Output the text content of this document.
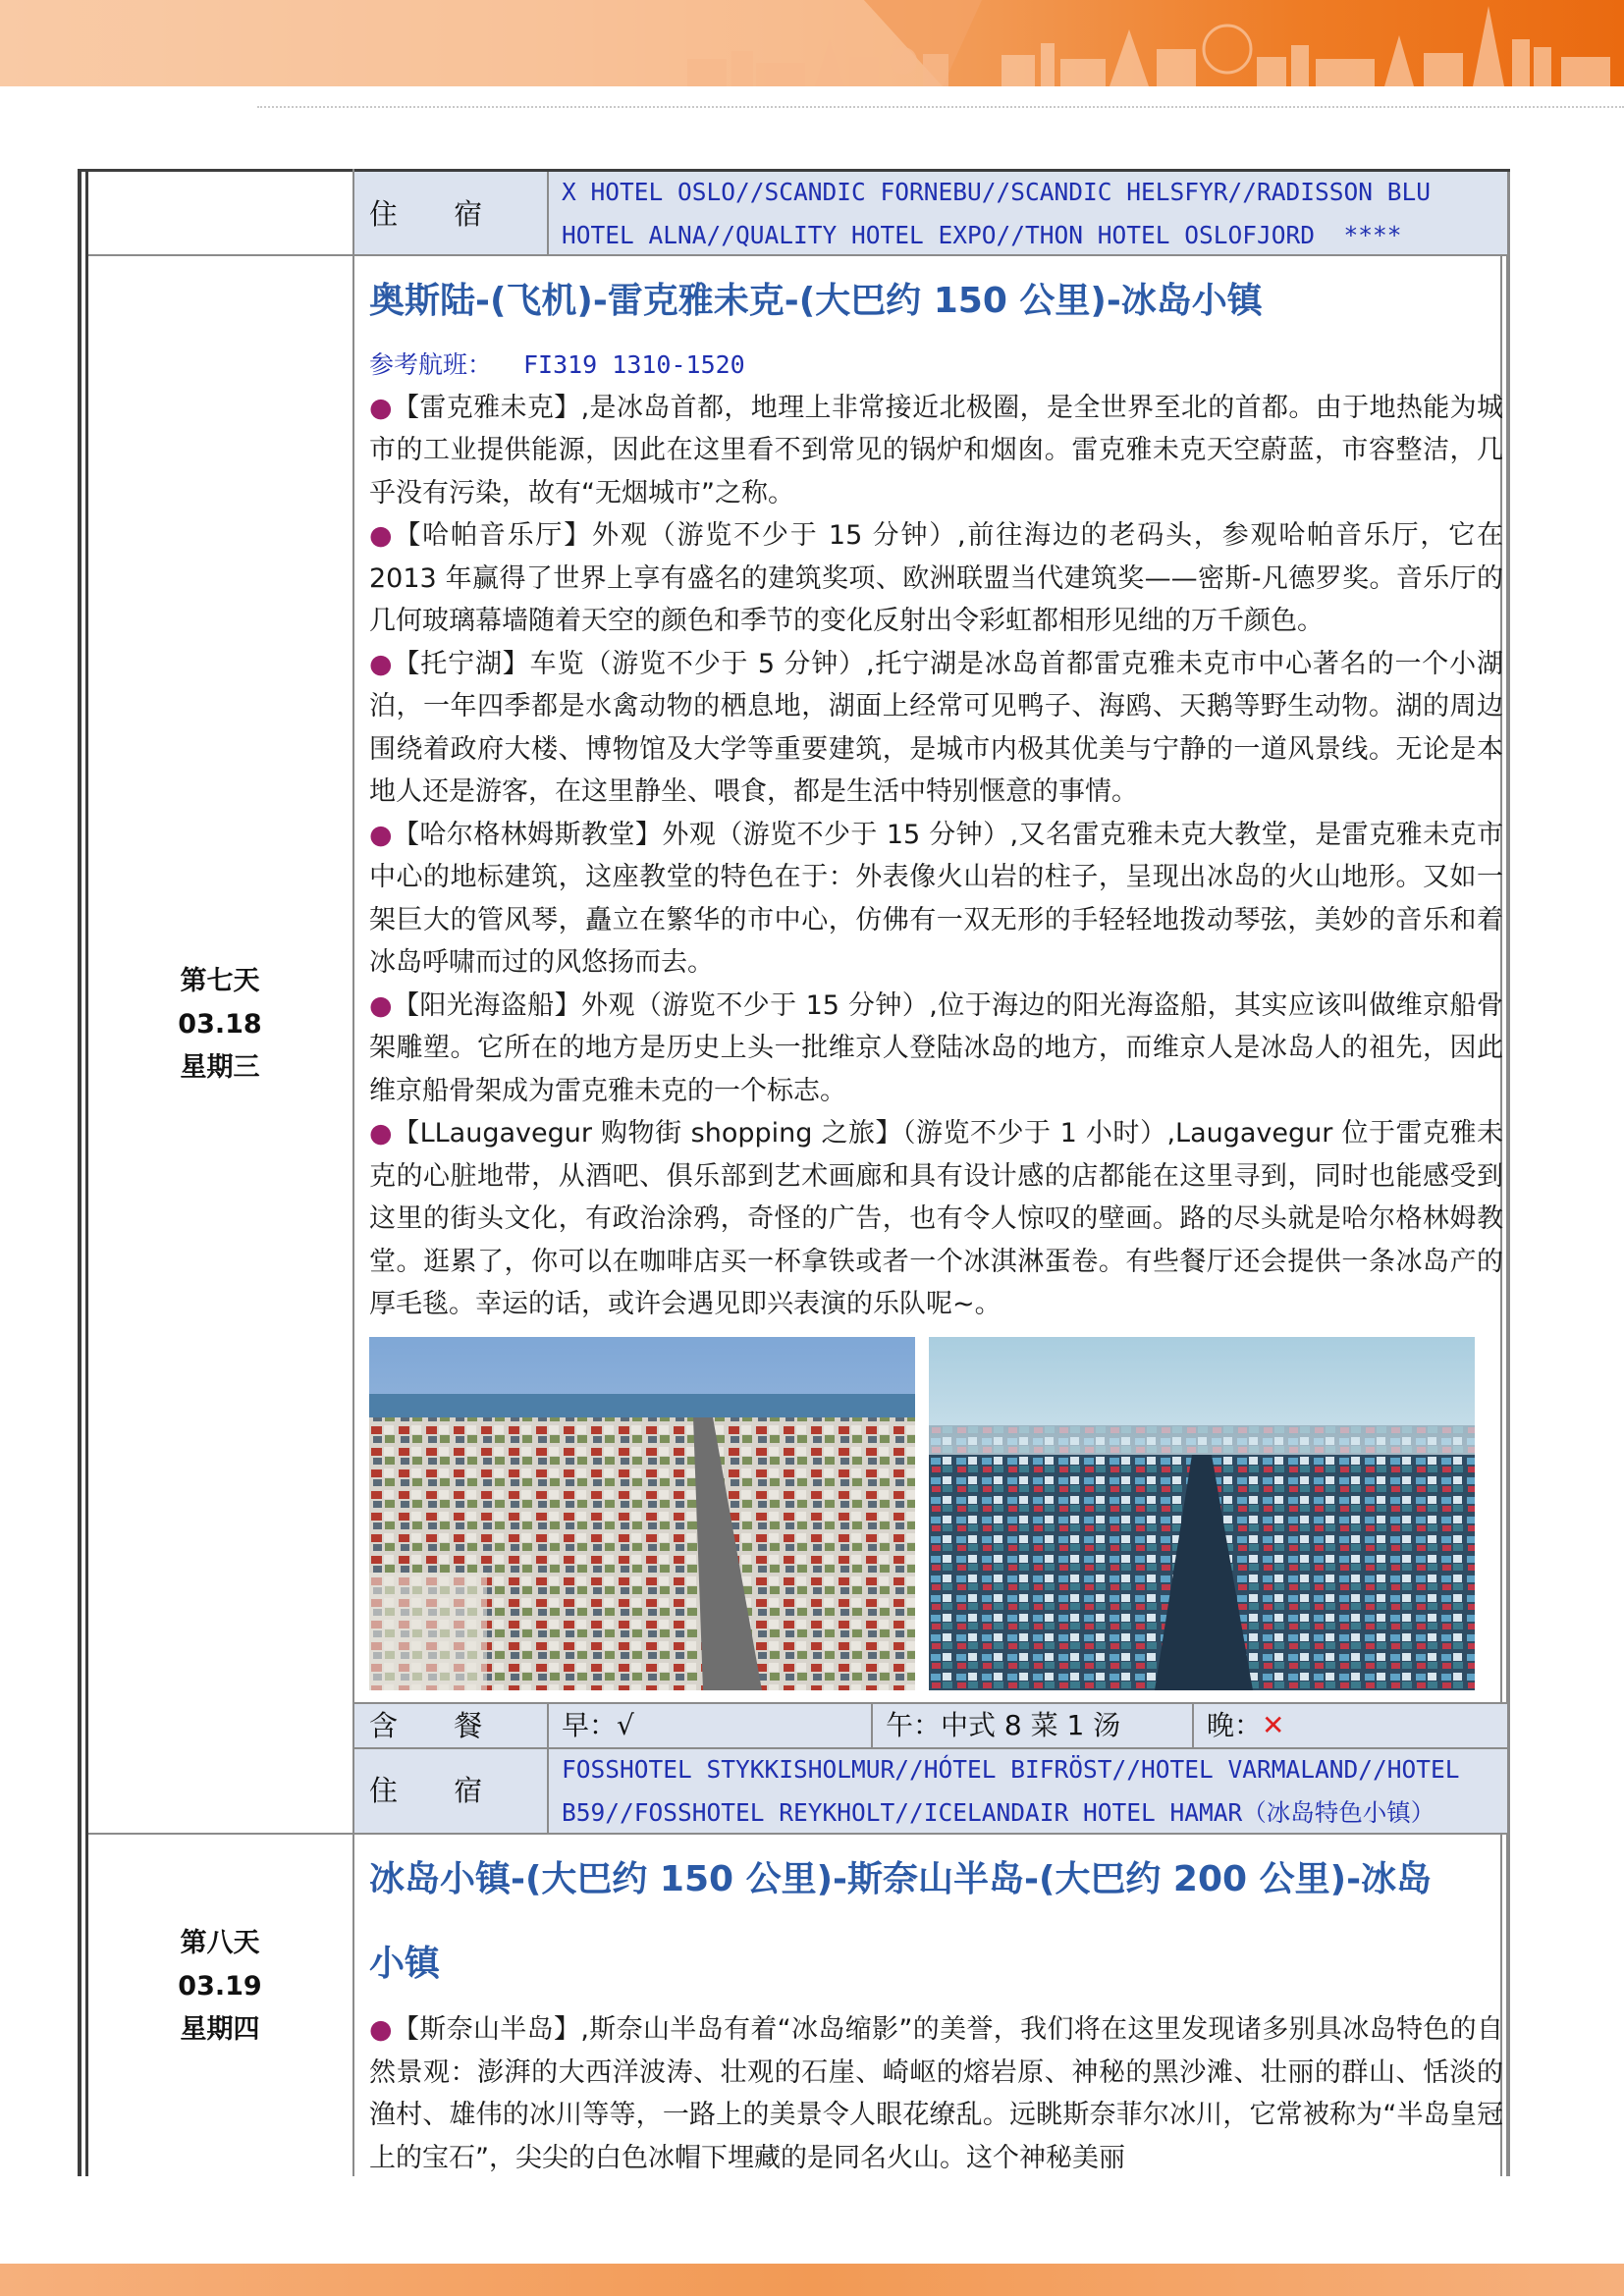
住 宿
X HOTEL OSLO//SCANDIC FORNEBU//SCANDIC HELSFYR//RADISSON BLU
HOTEL ALNA//QUALITY HOTEL EXPO//THON HOTEL OSLOFJORD  ****
第七天
03.18
星期三
奥斯陆-(飞机)-雷克雅未克-(大巴约 150 公里)-冰岛小镇

参考航班： FI319 1310-1520

●【雷克雅未克】,是冰岛首都，地理上非常接近北极圈，是全世界至北的首都。由于地热能为城市的工业提供能源，因此在这里看不到常见的锅炉和烟囱。雷克雅未克天空蔚蓝，市容整洁，几乎没有污染，故有“无烟城市”之称。

●【哈帕音乐厅】外观（游览不少于 15 分钟）,前往海边的老码头，参观哈帕音乐厅，它在 2013 年赢得了世界上享有盛名的建筑奖项、欧洲联盟当代建筑奖——密斯-凡德罗奖。音乐厅的几何玻璃幕墙随着天空的颜色和季节的变化反射出令彩虹都相形见绌的万千颜色。

●【托宁湖】车览（游览不少于 5 分钟）,托宁湖是冰岛首都雷克雅未克市中心著名的一个小湖泊，一年四季都是水禽动物的栖息地，湖面上经常可见鸭子、海鸥、天鹅等野生动物。湖的周边围绕着政府大楼、博物馆及大学等重要建筑，是城市内极其优美与宁静的一道风景线。无论是本地人还是游客，在这里静坐、喂食，都是生活中特别惬意的事情。

●【哈尔格林姆斯教堂】外观（游览不少于 15 分钟）,又名雷克雅未克大教堂，是雷克雅未克市中心的地标建筑，这座教堂的特色在于：外表像火山岩的柱子，呈现出冰岛的火山地形。又如一架巨大的管风琴，矗立在繁华的市中心，仿佛有一双无形的手轻轻地拨动琴弦，美妙的音乐和着冰岛呼啸而过的风悠扬而去。

●【阳光海盗船】外观（游览不少于 15 分钟）,位于海边的阳光海盗船，其实应该叫做维京船骨架雕塑。它所在的地方是历史上头一批维京人登陆冰岛的地方，而维京人是冰岛人的祖先，因此维京船骨架成为雷克雅未克的一个标志。

●【LLaugavegur 购物街 shopping 之旅】（游览不少于 1 小时）,Laugavegur 位于雷克雅未克的心脏地带，从酒吧、俱乐部到艺术画廊和具有设计感的店都能在这里寻到，同时也能感受到这里的街头文化，有政治涂鸦，奇怪的广告，也有令人惊叹的壁画。路的尽头就是哈尔格林姆教堂。逛累了，你可以在咖啡店买一杯拿铁或者一个冰淇淋蛋卷。有些餐厅还会提供一条冰岛产的厚毛毯。幸运的话，或许会遇见即兴表演的乐队呢~。

含 餐 早：√	午：中式 8 菜 1 汤	晚：✕
住 宿
FOSSHOTEL STYKKISHOLMUR//HÓTEL BIFRÖST//HOTEL VARMALAND//HOTEL
B59//FOSSHOTEL REYKHOLT//ICELANDAIR HOTEL HAMAR（冰岛特色小镇）
第八天
03.19
星期四
冰岛小镇-(大巴约 150 公里)-斯奈山半岛-(大巴约 200 公里)-冰岛
小镇

●【斯奈山半岛】,斯奈山半岛有着“冰岛缩影”的美誉，我们将在这里发现诸多别具冰岛特色的自然景观：澎湃的大西洋波涛、壮观的石崖、崎岖的熔岩原、神秘的黑沙滩、壮丽的群山、恬淡的渔村、雄伟的冰川等等，一路上的美景令人眼花缭乱。远眺斯奈菲尔冰川，它常被称为“半岛皇冠上的宝石”，尖尖的白色冰帽下埋藏的是同名火山。这个神秘美丽
